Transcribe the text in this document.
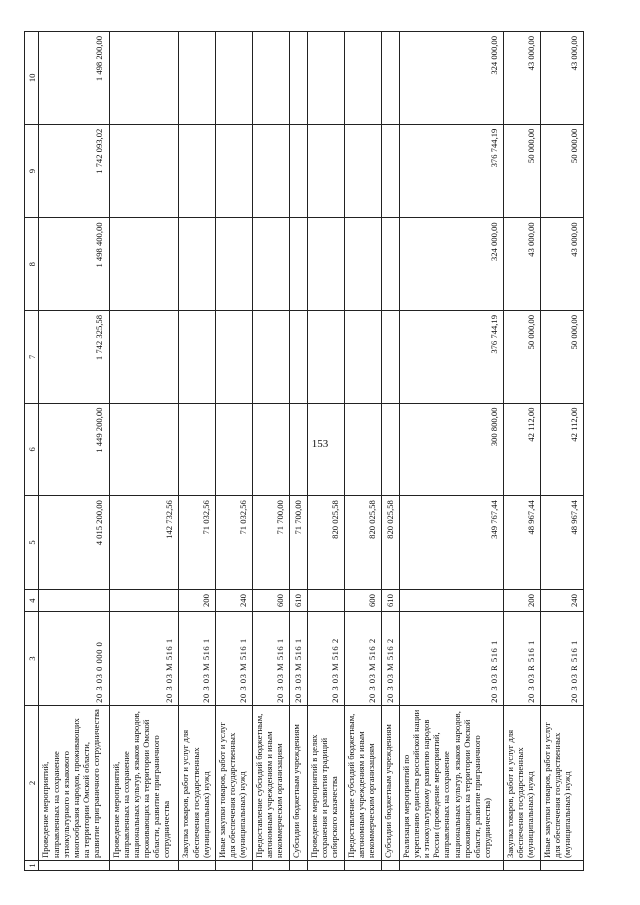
153
1	2	3	4	5	6	7	8	9	10
	Проведение мероприятий, направленных на сохранение этнокультурного и языкового многообразия народов, проживающих на территории Омской области, развитие приграничного сотрудничества	20 3 03 0 000 0		4 015 200,00	1 449 200,00	1 742 325,58	1 498 400,00	1 742 093,02	1 498 200,00
	Проведение мероприятий, направленных на сохранение национальных культур, языков народов, проживающих на территории Омской области, развитие приграничного сотрудничества	20 3 03 M 516 1		142 732,56					
	Закупка товаров, работ и услуг для обеспечения государственных (муниципальных) нужд	20 3 03 M 516 1	200	71 032,56					
	Иные закупки товаров, работ и услуг для обеспечения государственных (муниципальных) нужд	20 3 03 M 516 1	240	71 032,56					
	Предоставление субсидий бюджетным, автономным учреждениям и иным некоммерческим организациям	20 3 03 M 516 1	600	71 700,00					
	Субсидии бюджетным учреждениям	20 3 03 M 516 1	610	71 700,00					
	Проведение мероприятий в целях сохранения и развития традиций сибирского казачества	20 3 03 M 516 2		820 025,58					
	Предоставление субсидий бюджетным, автономным учреждениям и иным некоммерческим организациям	20 3 03 M 516 2	600	820 025,58					
	Субсидии бюджетным учреждениям	20 3 03 M 516 2	610	820 025,58					
	Реализация мероприятий по укреплению единства российской нации и этнокультурному развитию народов России (проведение мероприятий, направленных на сохранение национальных культур, языков народов, проживающих на территории Омской области, развитие приграничного сотрудничества)	20 3 03 R 516 1		349 767,44	300 800,00	376 744,19	324 000,00	376 744,19	324 000,00
	Закупка товаров, работ и услуг для обеспечения государственных (муниципальных) нужд	20 3 03 R 516 1	200	48 967,44	42 112,00	50 000,00	43 000,00	50 000,00	43 000,00
	Иные закупки товаров, работ и услуг для обеспечения государственных (муниципальных) нужд	20 3 03 R 516 1	240	48 967,44	42 112,00	50 000,00	43 000,00	50 000,00	43 000,00
